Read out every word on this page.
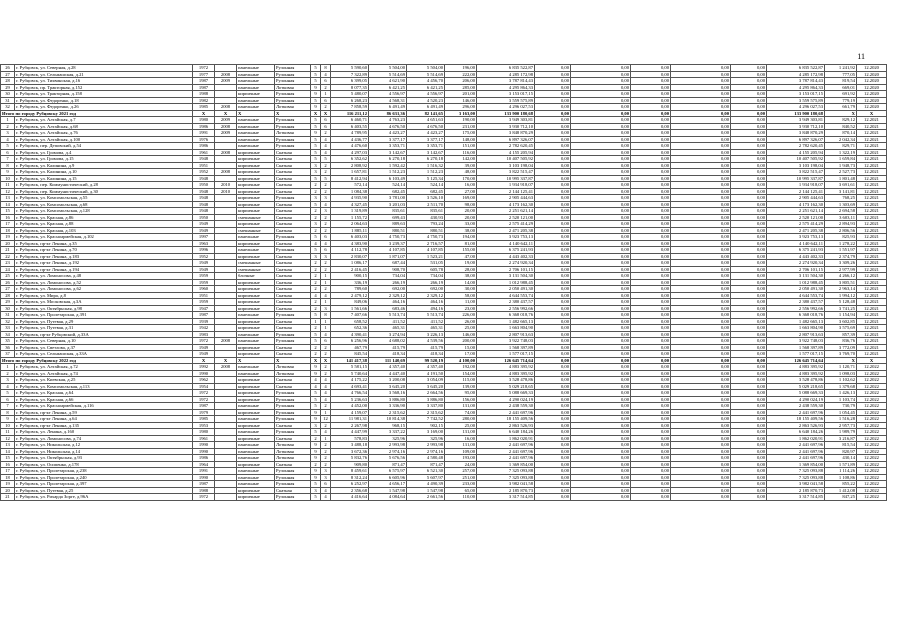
11
26	г. Рубцовск, ул. Северная, д.28	1972		панельные	Рулонная	5	8	5 590,60	5 504,00	5 504,00	196,00	6 835 522,87	0,00	0,00	0,00	0,00	0,00	6 835 522,87	1 241,92	12.2020
27	г. Рубцовск, ул. Сельмашская, д.21	1977	2008	панельные	Рулонная	5	4	7 322,89	5 514,69	5 514,69	222,00	4 285 172,98	0,00	0,00	0,00	0,00	0,00	4 285 172,98	777,05	12.2020
28	г. Рубцовск, ул. Тихвинская, д.16	1987	2009	панельные	Рулонная	5	6	6 399,05	4 621,90	4 456,70	206,00	3 787 814,43	0,00	0,00	0,00	0,00	0,00	3 787 814,43	819,54	12.2020
29	г. Рубцовск, пр. Тракторная, д.152	1987		панельные	Лотковая	9	2	8 077,35	6 421,25	6 421,25	285,00	4 295 864,33	0,00	0,00	0,00	0,00	0,00	4 295 864,33	669,01	12.2020
30	г. Рубцовск, ул. Тракторная, д.158	1988		кирпичные	Рулонная	9	1	5 480,07	4 556,97	4 556,97	201,00	3 153 017,15	0,00	0,00	0,00	0,00	0,00	3 153 017,15	691,92	12.2020
31	г. Рубцовск, ул. Федоренко, д.18	1982		панельные	Рулонная	5	6	6 268,23	4 568,31	4 520,23	146,00	3 559 575,89	0,00	0,00	0,00	0,00	0,00	3 559 575,89	779,19	12.2020
32	г. Рубцовск, ул. Федоренко, д.26	1985	2008	панельные	Лотковая	9	2	7 858,59	6 491,49	6 491,49	296,00	4 296 027,53	0,00	0,00	0,00	0,00	0,00	4 296 027,53	661,79	12.2020
Итого по городу Рубцовску 2021 год		X	X	X	X	X	X	116 211,12	86 631,36	82 141,65	3 163,00	133 900 180,68	0,00	0,00	0,00	0,00	0,00	133 900 180,68	X	X
1	г. Рубцовск, ул. Алтайская, д.7	1980	2009	панельные	Рулонная	5	6	6 460,71	4 763,23	4 651,63	190,00	3 949 303,81	0,00	0,00	0,00	0,00	0,00	3 949 303,81	829,12	12.2021
2	г. Рубцовск, ул. Алтайская, д.68	1986	2008	панельные	Рулонная	5	6	6 403,55	4 676,50	4 676,50	231,00	3 930 712,10	0,00	0,00	0,00	0,00	0,00	3 930 712,10	840,52	12.2021
3	г. Рубцовск, ул. Алтайская, д.76	1991	2009	панельные	Лотковая	9	2	4 789,95	4 423,27	4 423,27	175,00	3 848 870,29	0,00	0,00	0,00	0,00	0,00	3 848 870,29	870,14	12.2021
4	г. Рубцовск, ул. Алтайская, д.100	1976		панельные	Рулонная	5	4	4 436,77	3 377,17	3 377,17	148,00	6 897 326,07	0,00	0,00	0,00	0,00	0,00	6 897 326,07	2 042,34	12.2021
5	г. Рубцовск, пер. Деповский, д.54	1986		панельные	Рулонная	5	4	4 476,60	3 353,71	3 353,71	151,00	2 782 620,45	0,00	0,00	0,00	0,00	0,00	2 782 620,45	829,71	12.2021
6	г. Рубцовск, ул. Громова, д.4	1961	2008	кирпичные	Скатная	5	4	4 297,03	3 142,67	3 142,67	116,00	4 155 205,94	0,00	0,00	0,00	0,00	0,00	4 155 205,94	1 322,19	12.2021
7	г. Рубцовск, ул. Громова, д.15	1948		кирпичные	Скатная	5	5	6 352,62	6 270,18	6 270,18	142,00	10 407 505,92	0,00	0,00	0,00	0,00	0,00	10 407 505,92	1 659,84	12.2021
8	г. Рубцовск, ул. Калинина, д.9	1951		кирпичные	Скатная	3	2	2 808,92	1 592,42	1 516,32	39,00	3 103 198,04	0,00	0,00	0,00	0,00	0,00	3 103 198,04	1 948,73	12.2021
9	г. Рубцовск, ул. Калинина, д.10	1952	2008	кирпичные	Скатная	3	2	1 657,81	1 512,23	1 512,23	48,00	3 822 515,47	0,00	0,00	0,00	0,00	0,00	3 822 515,47	2 527,73	12.2021
10	г. Рубцовск, ул. Калинина, д.15	1948		кирпичные	Скатная	5	5	8 412,94	6 103,49	5 125,34	170,00	10 995 337,87	0,00	0,00	0,00	0,00	0,00	10 995 337,87	1 801,48	12.2021
11	г. Рубцовск, пер. Коммунистический, д.28	1950	2010	кирпичные	Скатная	2	2	572,14	524,14	524,14	16,00	1 934 918,07	0,00	0,00	0,00	0,00	0,00	1 934 918,07	3 691,61	12.2021
12	г. Рубцовск, пер. Коммунистический, д.30	1948	2010	кирпичные	Скатная	2	2	1 084,38	682,45	682,45	27,00	2 144 125,41	0,00	0,00	0,00	0,00	0,00	2 144 125,41	3 141,81	12.2021
13	г. Рубцовск, ул. Комсомольская, д.55	1948		кирпичные	Рулонная	3	3	4 935,90	3 781,00	3 526,10	169,00	2 905 444,63	0,00	0,00	0,00	0,00	0,00	2 905 444,63	768,25	12.2021
14	г. Рубцовск, ул. Комсомольская, д.68	1948		кирпичные	Скатная	5	4	4 327,45	3 201,03	2 511,70	98,00	4 173 162,30	0,00	0,00	0,00	0,00	0,00	4 173 162,30	1 303,69	12.2021
15	г. Рубцовск, ул. Комсомольская, д.128	1948		кирпичные	Скатная	2	3	1 319,89	835,61	835,61	20,00	2 251 621,14	0,00	0,00	0,00	0,00	0,00	2 251 621,14	2 694,58	12.2021
16	г. Рубцовск, ул. Красная, д.86	1950		смешанные	Скатная	2	2	1 155,72	699,43	430,93	20,00	2 520 121,00	0,00	0,00	0,00	0,00	0,00	2 520 121,00	3 603,11	12.2021
17	г. Рубцовск, ул. Красная, д.88	1949		кирпичные	Скатная	3	2	2 064,63	889,63	793,24	33,00	2 575 414,29	0,00	0,00	0,00	0,00	0,00	2 575 414,29	2 894,93	12.2021
18	г. Рубцовск, ул. Красная, д.103	1949		смешанные	Скатная	2	2	1 885,11	880,51	880,51	38,00	2 471 205,38	0,00	0,00	0,00	0,00	0,00	2 471 205,38	2 806,56	12.2021
19	г. Рубцовск, ул. Красноармейская, д.102	1997		панельные	Рулонная	5	6	6 403,03	4 750,73	4 750,73	194,00	3 923 753,13	0,00	0,00	0,00	0,00	0,00	3 923 753,13	825,93	12.2021
20	г. Рубцовск, пр-кт Ленина, д.35	1963		кирпичные	Скатная	4	4	4 383,90	3 239,37	2 716,57	81,00	4 140 642,11	0,00	0,00	0,00	0,00	0,00	4 140 642,11	1 278,22	12.2021
21	г. Рубцовск, пр-кт Ленина, д.70	1996		панельные	Рулонная	5	6	4 112,78	4 107,85	4 107,85	155,00	6 375 241,93	0,00	0,00	0,00	0,00	0,00	6 375 241,93	1 551,97	12.2021
22	г. Рубцовск, пр-кт Ленина, д.183	1952		кирпичные	Скатная	3	3	2 830,07	1 871,07	1 523,21	47,00	4 443 402,33	0,00	0,00	0,00	0,00	0,00	4 443 402,33	2 374,79	12.2021
23	г. Рубцовск, пр-кт Ленина, д.192	1949		смешанные	Скатная	2	2	1 086,17	687,44	531,05	19,00	2 274 920,34	0,00	0,00	0,00	0,00	0,00	2 274 920,34	3 309,26	12.2021
24	г. Рубцовск, пр-кт Ленина, д.194	1949		смешанные	Скатная	2	2	2 416,45	908,70	605,78	28,00	2 706 101,15	0,00	0,00	0,00	0,00	0,00	2 706 101,15	2 977,99	12.2021
25	г. Рубцовск, ул. Ломоносова, д.48	1959		блочные	Скатная	2	1	900,15	734,04	734,04	38,00	3 131 504,30	0,00	0,00	0,00	0,00	0,00	3 131 504,30	4 266,12	12.2021
26	г. Рубцовск, ул. Ломоносова, д.52	1959		кирпичные	Скатная	2	1	336,19	266,19	266,19	14,00	1 012 988,45	0,00	0,00	0,00	0,00	0,00	1 012 988,45	3 805,51	12.2021
27	г. Рубцовск, ул. Ломоносова, д.62	1960		кирпичные	Скатная	2	2	789,60	692,00	692,00	30,00	2 050 491,30	0,00	0,00	0,00	0,00	0,00	2 050 491,30	2 963,14	12.2021
28	г. Рубцовск, ул. Мира, д.8	1951		кирпичные	Скатная	4	4	2 479,12	2 329,12	2 329,12	58,00	4 644 553,74	0,00	0,00	0,00	0,00	0,00	4 644 553,74	1 994,12	12.2021
29	г. Рубцовск, ул. Московская, д.3А	1959		кирпичные	Скатная	2	1	849,06	464,16	464,16	11,00	2 380 437,57	0,00	0,00	0,00	0,00	0,00	2 380 437,57	5 128,48	12.2021
30	г. Рубцовск, ул. Октябрьская, д.98	1947		кирпичные	Скатная	2	3	1 561,66	683,46	494,16	23,00	2 556 992,66	0,00	0,00	0,00	0,00	0,00	2 556 992,66	3 741,25	12.2021
31	г. Рубцовск, ул. Пролетарская, д.391	1987		панельные	Рулонная	5	8	7 407,66	5 513,74	5 513,74	226,00	6 368 018,76	0,00	0,00	0,00	0,00	0,00	6 368 018,76	1 154,94	12.2021
32	г. Рубцовск, ул. Путевая, д.29	1939		кирпичные	Скатная	1	1	658,52	411,52	411,52	26,00	1 482 665,13	0,00	0,00	0,00	0,00	0,00	1 482 665,13	3 602,85	12.2021
33	г. Рубцовск, ул. Путевая, д.31	1942		кирпичные	Скатная	2	1	652,36	465,31	465,31	25,00	1 663 804,90	0,00	0,00	0,00	0,00	0,00	1 663 804,90	3 575,69	12.2021
34	г. Рубцовск, пр-кт Рубцовский, д.33А	1983		панельные	Рулонная	5	4	4 390,41	3 274,94	3 226,13	146,00	2 807 913,63	0,00	0,00	0,00	0,00	0,00	2 807 913,63	857,39	12.2021
35	г. Рубцовск, ул. Северная, д.10	1972	2008	панельные	Рулонная	5	6	6 256,96	4 688,02	4 539,56	200,00	3 922 748,03	0,00	0,00	0,00	0,00	0,00	3 922 748,03	836,76	12.2021
36	г. Рубцовск, ул. Светлова, д.37	1949		кирпичные	Скатная	2	2	467,79	415,79	415,79	15,00	1 568 397,89	0,00	0,00	0,00	0,00	0,00	1 568 397,89	3 772,09	12.2021
37	г. Рубцовск, ул. Сельмашская, д.33А	1949		кирпичные	Скатная	2	2	845,54	418,34	418,34	17,00	1 577 017,15	0,00	0,00	0,00	0,00	0,00	1 577 017,15	3 769,70	12.2021
Итого по городу Рубцовску 2022 год		X	X	X	X	X	X	141 417,38	111 140,69	99 520,19	4 100,00	126 645 714,64	0,00	0,00	0,00	0,00	0,00	126 645 714,64	X	X
1	г. Рубцовск, ул. Алтайская, д.72	1992	2008	панельные	Лотковая	9	2	5 581,15	4 357,40	4 357,40	192,00	4 883 395,92	0,00	0,00	0,00	0,00	0,00	4 883 395,92	1 120,71	12.2022
2	г. Рубцовск, ул. Алтайская, д.74	1990		панельные	Лотковая	9	2	5 740,64	4 447,40	4 191,50	154,00	4 883 395,92	0,00	0,00	0,00	0,00	0,00	4 883 395,92	1 098,03	12.2022
3	г. Рубцовск, ул. Киевская, д.25	1962		кирпичные	Скатная	4	4	4 175,22	3 200,08	3 054,09	115,00	3 528 478,86	0,00	0,00	0,00	0,00	0,00	3 528 478,86	1 102,62	12.2022
4	г. Рубцовск, ул. Комсомольская, д.113	1954		кирпичные	Скатная	4	4	4 693,41	3 645,20	3 645,20	139,00	5 029 218,65	0,00	0,00	0,00	0,00	0,00	5 029 218,65	1 379,68	12.2022
5	г. Рубцовск, ул. Красная, д.64	1972		кирпичные	Рулонная	5	4	4 766,54	3 568,16	2 664,56	95,00	5 088 669,33	0,00	0,00	0,00	0,00	0,00	5 088 669,33	1 426,13	12.2022
6	г. Рубцовск, ул. Красная, д.66	1972		кирпичные	Рулонная	5	4	5 236,63	3 886,80	3 886,80	156,00	4 290 024,19	0,00	0,00	0,00	0,00	0,00	4 290 024,19	1 103,74	12.2022
7	г. Рубцовск, ул. Красноармейская, д.116	1987		панельные	Рулонная	5	2	4 452,00	3 336,90	3 337,80	131,00	2 438 559,30	0,00	0,00	0,00	0,00	0,00	2 438 559,30	730,79	12.2022
8	г. Рубцовск, пр-кт Ленина, д.59	1979		кирпичные	Рулонная	9	1	4 159,07	2 315,62	2 315,62	74,00	2 441 697,96	0,00	0,00	0,00	0,00	0,00	2 441 697,96	1 054,45	12.2022
9	г. Рубцовск, пр-кт Ленина, д.64	1985		панельные	Рулонная	9	12	11 981,31	10 814,38	7 742,52	280,00	18 155 409,56	0,00	0,00	0,00	0,00	0,00	18 155 409,56	1 516,28	12.2022
10	г. Рубцовск, пр-кт Ленина, д.135	1953		кирпичные	Скатная	3	2	2 267,98	968,15	902,15	25,00	2 863 526,93	0,00	0,00	0,00	0,00	0,00	2 863 526,93	2 957,73	12.2022
11	г. Рубцовск, ул. Ленина, д.160	1980		панельные	Рулонная	5	4	4 447,99	3 337,22	3 169,00	131,00	6 640 184,26	0,00	0,00	0,00	0,00	0,00	6 640 184,26	1 989,79	12.2022
12	г. Рубцовск, ул. Ломоносова, д.74	1961		кирпичные	Скатная	2	1	578,83	325,96	325,96	16,00	1 862 020,91	0,00	0,00	0,00	0,00	0,00	1 862 020,91	3 216,87	12.2022
13	г. Рубцовск, ул. Никольская, д.12	1990		панельные	Лотковая	9	2	3 488,18	2 993,98	2 993,98	131,00	2 441 697,96	0,00	0,00	0,00	0,00	0,00	2 441 697,96	815,54	12.2022
14	г. Рубцовск, ул. Никольская, д.14	1990		панельные	Лотковая	9	2	3 672,36	2 974,16	2 974,16	109,00	2 441 697,96	0,00	0,00	0,00	0,00	0,00	2 441 697,96	820,97	12.2022
15	г. Рубцовск, ул. Октябрьская, д.93	1986		панельные	Лотковая	9	2	5 832,76	5 676,56	4 580,48	193,00	2 441 697,96	0,00	0,00	0,00	0,00	0,00	2 441 697,96	430,14	12.2022
16	г. Рубцовск, ул. Осипенко, д.178	1964		кирпичные	Скатная	2	2	909,80	871,47	871,47	24,00	1 369 854,00	0,00	0,00	0,00	0,00	0,00	1 369 854,00	1 571,89	12.2022
17	г. Рубцовск, ул. Пролетарская, д.238	1991		панельные	Рулонная	9	3	8 459,61	6 575,97	6 521,30	257,00	7 325 093,88	0,00	0,00	0,00	0,00	0,00	7 325 093,88	1 114,26	12.2022
18	г. Рубцовск, ул. Пролетарская, д.240	1990		панельные	Рулонная	9	3	8 312,24	6 605,96	5 607,97	251,00	7 325 093,88	0,00	0,00	0,00	0,00	0,00	7 325 093,88	1 108,86	12.2022
19	г. Рубцовск, ул. Пролетарская, д.397	1987		панельные	Рулонная	5	6	6 252,97	4 656,17	4 490,39	233,00	3 982 041,58	0,00	0,00	0,00	0,00	0,00	3 982 041,58	855,22	12.2022
20	г. Рубцовск, ул. Путевая, д.25	1988		кирпичные	Скатная	3	4	2 356,68	1 547,98	1 547,98	65,00	2 185 870,73	0,00	0,00	0,00	0,00	0,00	2 185 870,73	1 412,08	12.2022
21	г. Рубцовск, ул. Рихарда Зорге, д.96А	1972		кирпичные	Рулонная	5	4	4 416,64	4 084,64	2 661,56	110,00	3 317 514,85	0,00	0,00	0,00	0,00	0,00	3 317 514,85	847,25	12.2022
